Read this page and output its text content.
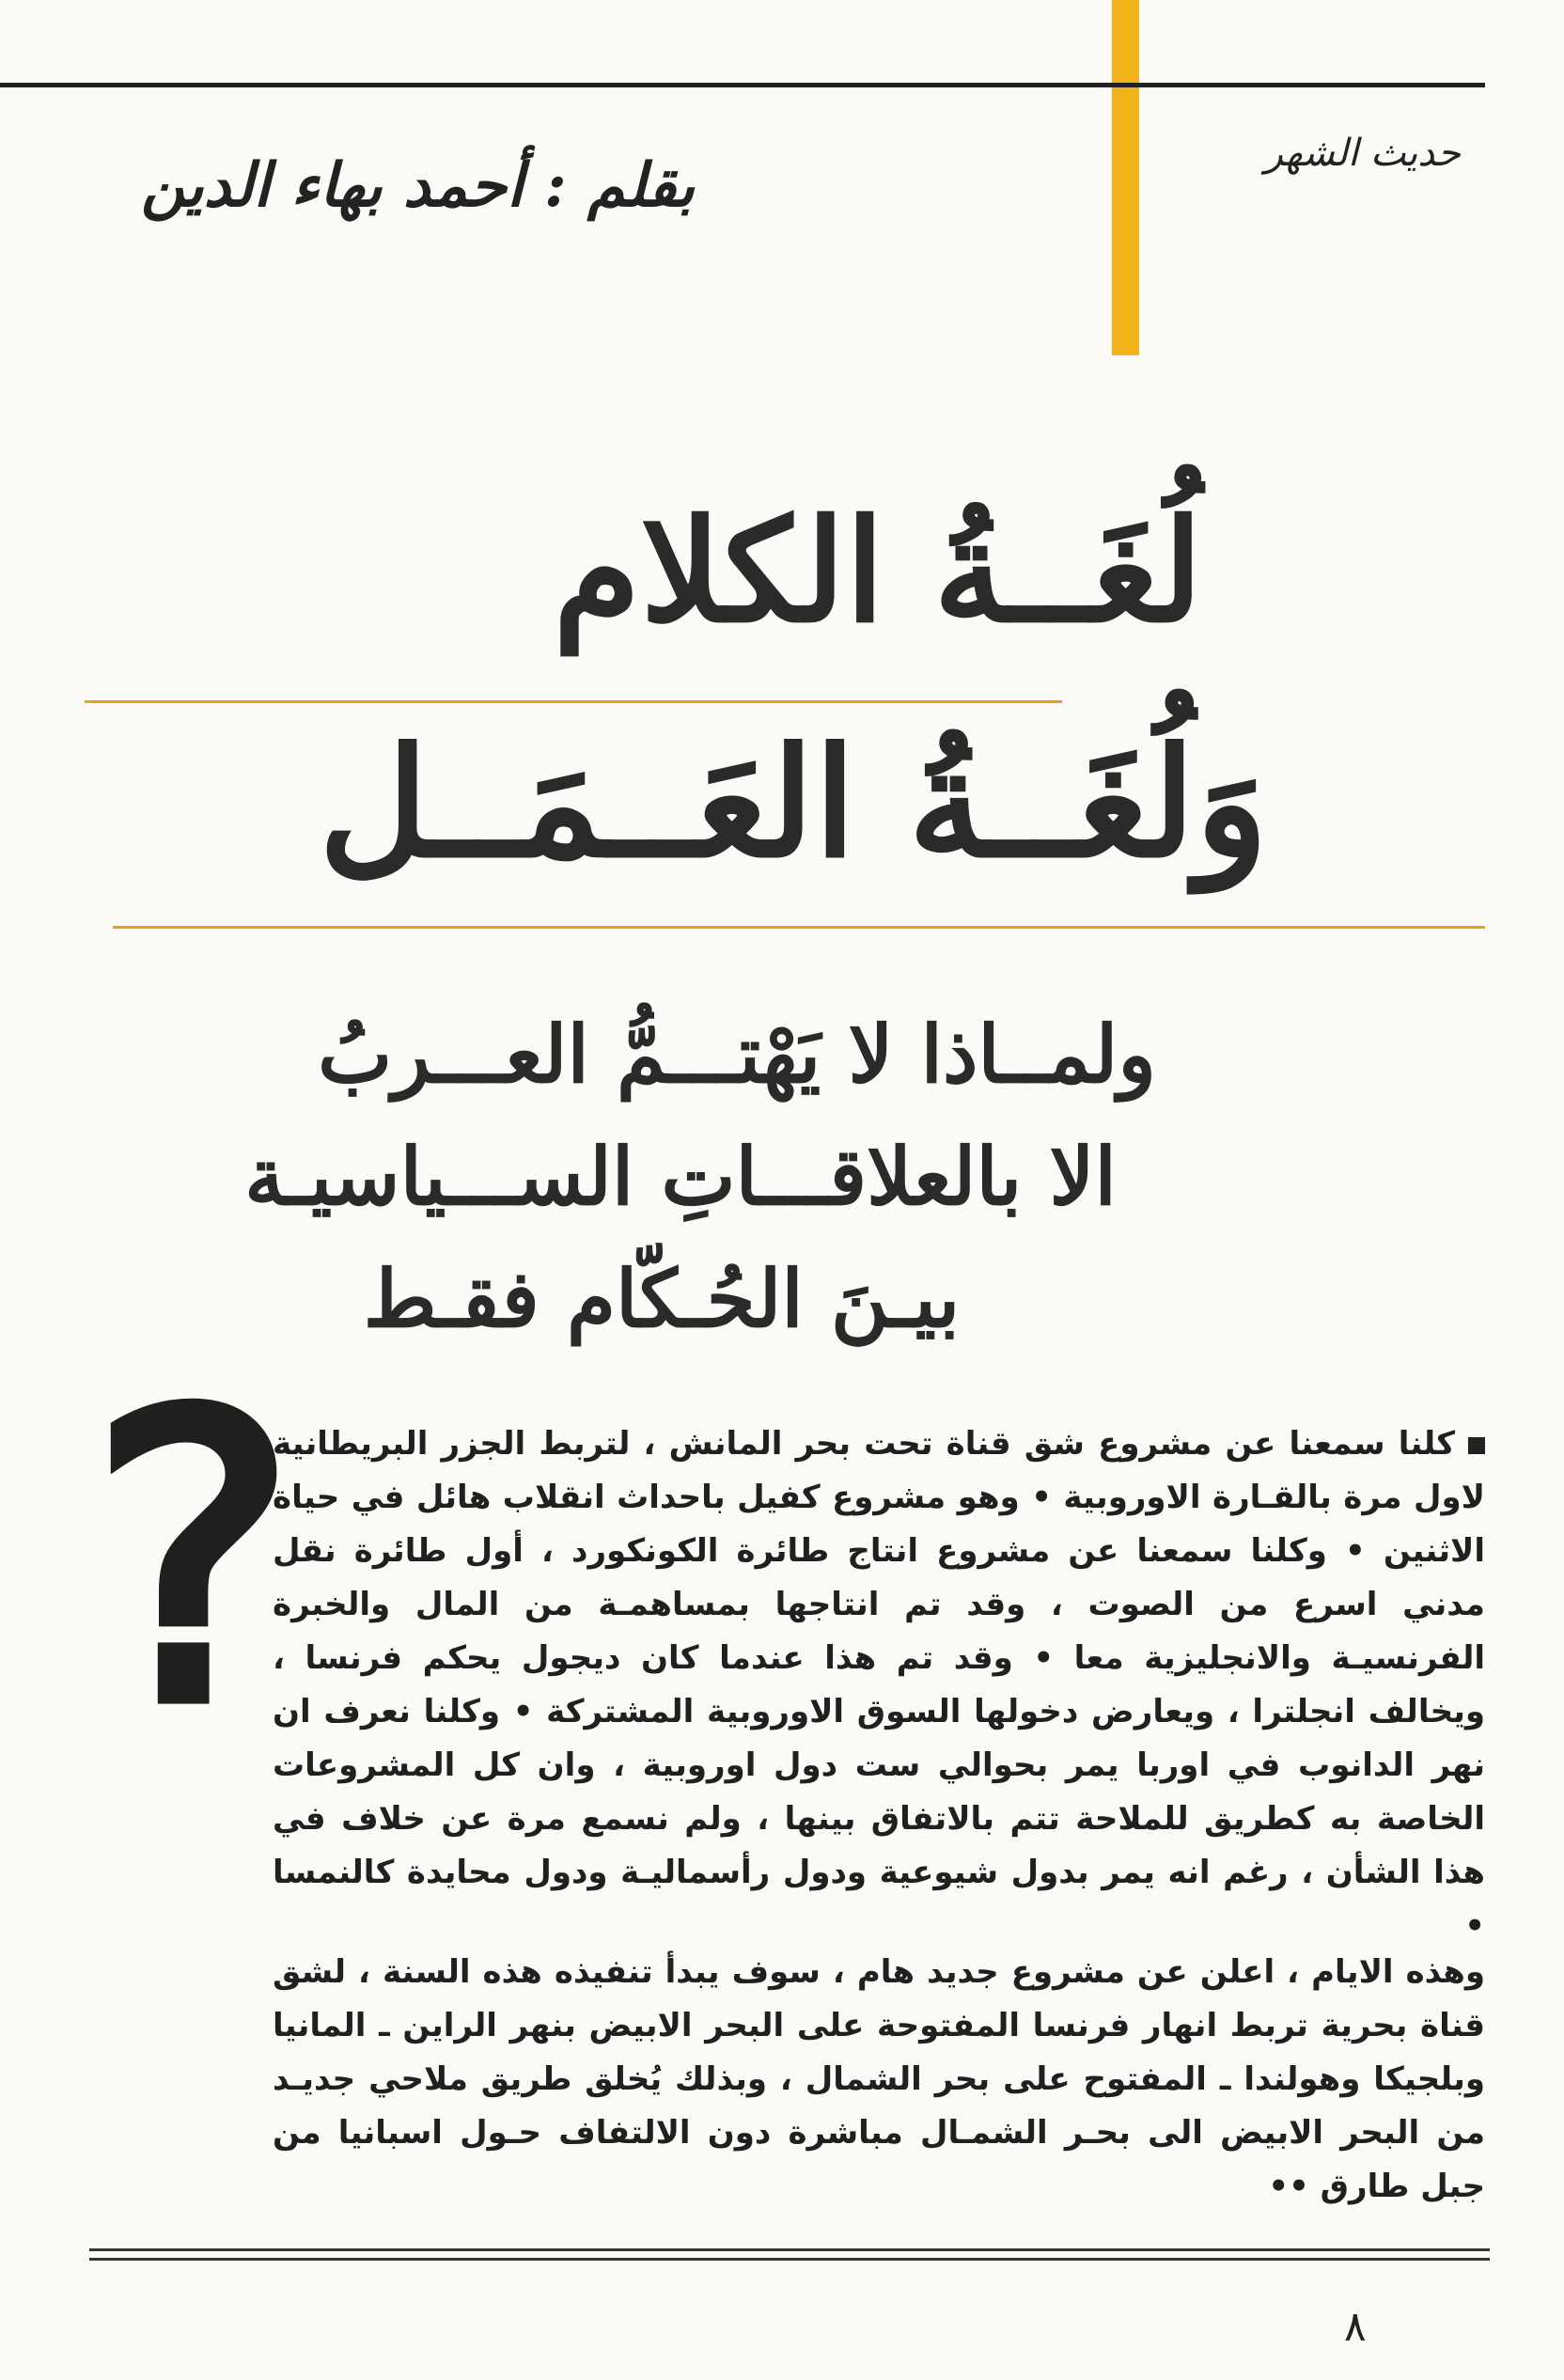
حديث الشهر
بقلم : أحمد بهاء الدين
لُغَــةُ الكلام
وَلُغَــةُ العَــمَــل
ولمــاذا لا يَهْتـــمُّ العـــربُ
الا بالعلاقـــاتِ الســـياسيـة
بيـنَ الحُـكّام فقـط
؟
كلنا سمعنا عن مشروع شق قناة تحت بحر المانش ، لتربط الجزر البريطانية لاول مرة بالقـارة الاوروبية • وهو مشروع كفيل باحداث انقلاب هائل في حياة الاثنين • وكلنا سمعنا عن مشروع انتاج طائرة الكونكورد ، أول طائرة نقل مدني اسرع من الصوت ، وقد تم انتاجها بمساهمـة من المال والخبرة الفرنسيـة والانجليزية معا • وقد تم هذا عندما كان ديجول يحكم فرنسا ، ويخالف انجلترا ، ويعارض دخولها السوق الاوروبية المشتركة • وكلنا نعرف ان نهر الدانوب في اوربا يمر بحوالي ست دول اوروبية ، وان كل المشروعات الخاصة به كطريق للملاحة تتم بالاتفاق بينها ، ولم نسمع مرة عن خلاف في هذا الشأن ، رغم انه يمر بدول شيوعية ودول رأسماليـة ودول محايدة كالنمسا •
وهذه الايام ، اعلن عن مشروع جديد هام ، سوف يبدأ تنفيذه هذه السنة ، لشق قناة بحرية تربط انهار فرنسا المفتوحة على البحر الابيض بنهر الراين ـ المانيا وبلجيكا وهولندا ـ المفتوح على بحر الشمال ، وبذلك يُخلق طريق ملاحي جديـد من البحر الابيض الى بحـر الشمـال مباشرة دون الالتفاف حـول اسبانيا من جبل طارق ••
٨
